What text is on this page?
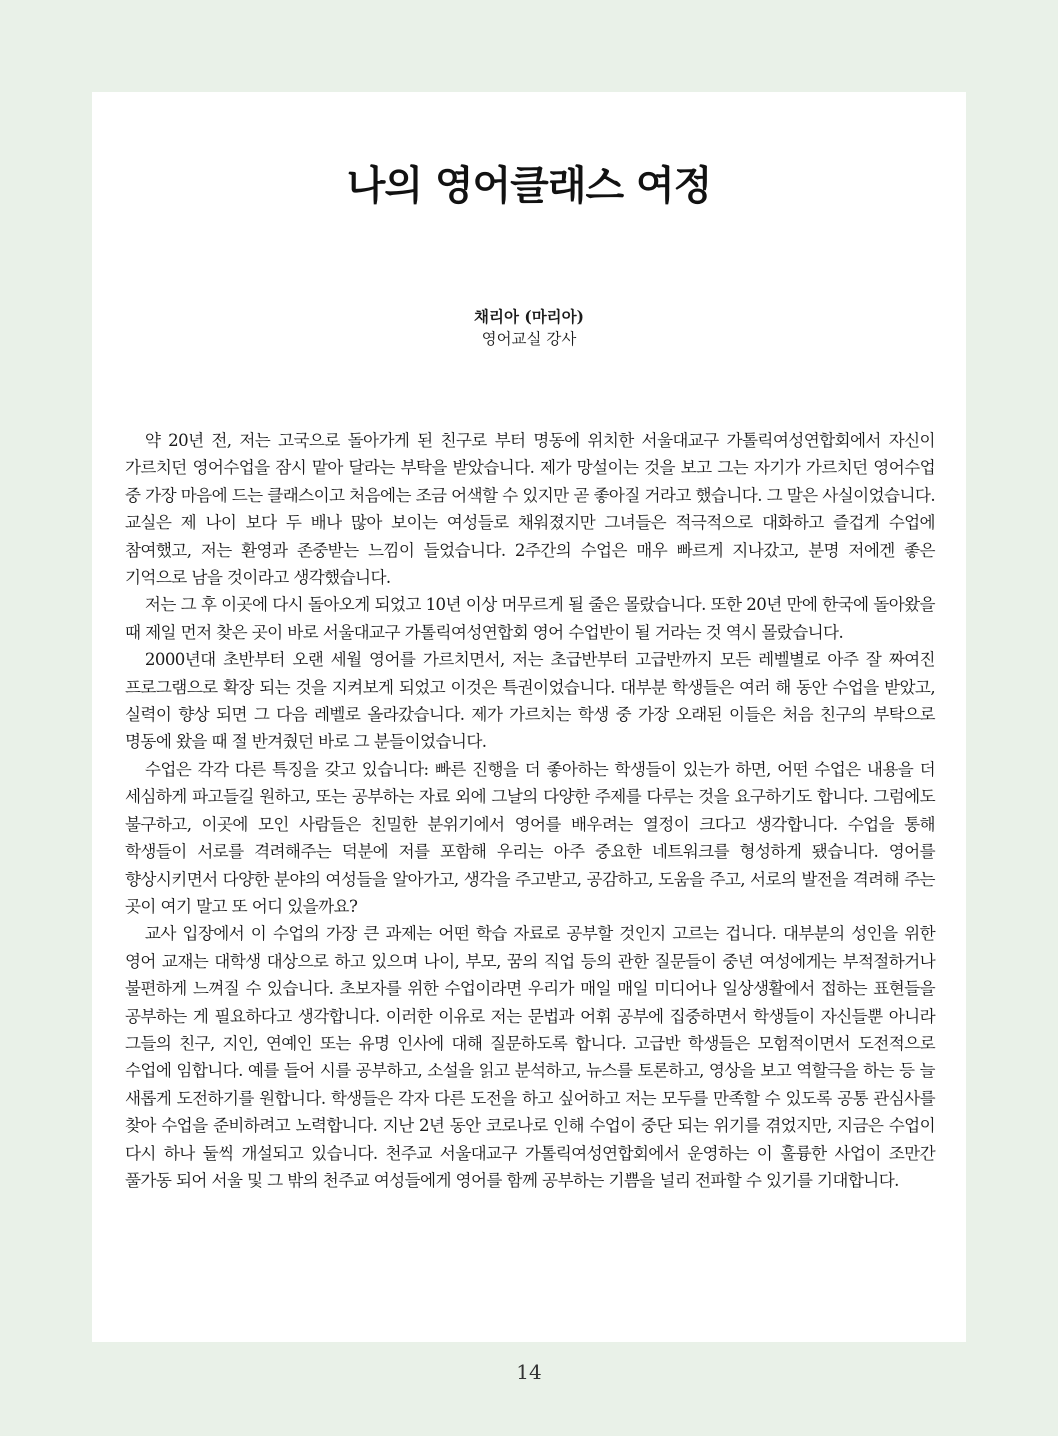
나의 영어클래스 여정
채리아 (마리아)
영어교실 강사

약 20년 전, 저는 고국으로 돌아가게 된 친구로 부터 명동에 위치한 서울대교구 가톨릭여성연합회에서 자신이 가르치던 영어수업을 잠시 맡아 달라는 부탁을 받았습니다. 제가 망설이는 것을 보고 그는 자기가 가르치던 영어수업 중 가장 마음에 드는 클래스이고 처음에는 조금 어색할 수 있지만 곧 좋아질 거라고 했습니다. 그 말은 사실이었습니다. 교실은 제 나이 보다 두 배나 많아 보이는 여성들로 채워졌지만 그녀들은 적극적으로 대화하고 즐겁게 수업에 참여했고, 저는 환영과 존중받는 느낌이 들었습니다. 2주간의 수업은 매우 빠르게 지나갔고, 분명 저에겐 좋은 기억으로 남을 것이라고 생각했습니다.

저는 그 후 이곳에 다시 돌아오게 되었고 10년 이상 머무르게 될 줄은 몰랐습니다. 또한 20년 만에 한국에 돌아왔을 때 제일 먼저 찾은 곳이 바로 서울대교구 가톨릭여성연합회 영어 수업반이 될 거라는 것 역시 몰랐습니다.

2000년대 초반부터 오랜 세월 영어를 가르치면서, 저는 초급반부터 고급반까지 모든 레벨별로 아주 잘 짜여진 프로그램으로 확장 되는 것을 지켜보게 되었고 이것은 특권이었습니다. 대부분 학생들은 여러 해 동안 수업을 받았고, 실력이 향상 되면 그 다음 레벨로 올라갔습니다. 제가 가르치는 학생 중 가장 오래된 이들은 처음 친구의 부탁으로 명동에 왔을 때 절 반겨줬던 바로 그 분들이었습니다.

수업은 각각 다른 특징을 갖고 있습니다: 빠른 진행을 더 좋아하는 학생들이 있는가 하면, 어떤 수업은 내용을 더 세심하게 파고들길 원하고, 또는 공부하는 자료 외에 그날의 다양한 주제를 다루는 것을 요구하기도 합니다. 그럼에도 불구하고, 이곳에 모인 사람들은 친밀한 분위기에서 영어를 배우려는 열정이 크다고 생각합니다. 수업을 통해 학생들이 서로를 격려해주는 덕분에 저를 포함해 우리는 아주 중요한 네트워크를 형성하게 됐습니다. 영어를 향상시키면서 다양한 분야의 여성들을 알아가고, 생각을 주고받고, 공감하고, 도움을 주고, 서로의 발전을 격려해 주는 곳이 여기 말고 또 어디 있을까요?

교사 입장에서 이 수업의 가장 큰 과제는 어떤 학습 자료로 공부할 것인지 고르는 겁니다. 대부분의 성인을 위한 영어 교재는 대학생 대상으로 하고 있으며 나이, 부모, 꿈의 직업 등의 관한 질문들이 중년 여성에게는 부적절하거나 불편하게 느껴질 수 있습니다. 초보자를 위한 수업이라면 우리가 매일 매일 미디어나 일상생활에서 접하는 표현들을 공부하는 게 필요하다고 생각합니다. 이러한 이유로 저는 문법과 어휘 공부에 집중하면서 학생들이 자신들뿐 아니라 그들의 친구, 지인, 연예인 또는 유명 인사에 대해 질문하도록 합니다. 고급반 학생들은 모험적이면서 도전적으로 수업에 임합니다. 예를 들어 시를 공부하고, 소설을 읽고 분석하고, 뉴스를 토론하고, 영상을 보고 역할극을 하는 등 늘 새롭게 도전하기를 원합니다. 학생들은 각자 다른 도전을 하고 싶어하고 저는 모두를 만족할 수 있도록 공통 관심사를 찾아 수업을 준비하려고 노력합니다. 지난 2년 동안 코로나로 인해 수업이 중단 되는 위기를 겪었지만, 지금은 수업이 다시 하나 둘씩 개설되고 있습니다. 천주교 서울대교구 가톨릭여성연합회에서 운영하는 이 훌륭한 사업이 조만간 풀가동 되어 서울 및 그 밖의 천주교 여성들에게 영어를 함께 공부하는 기쁨을 널리 전파할 수 있기를 기대합니다.

14
